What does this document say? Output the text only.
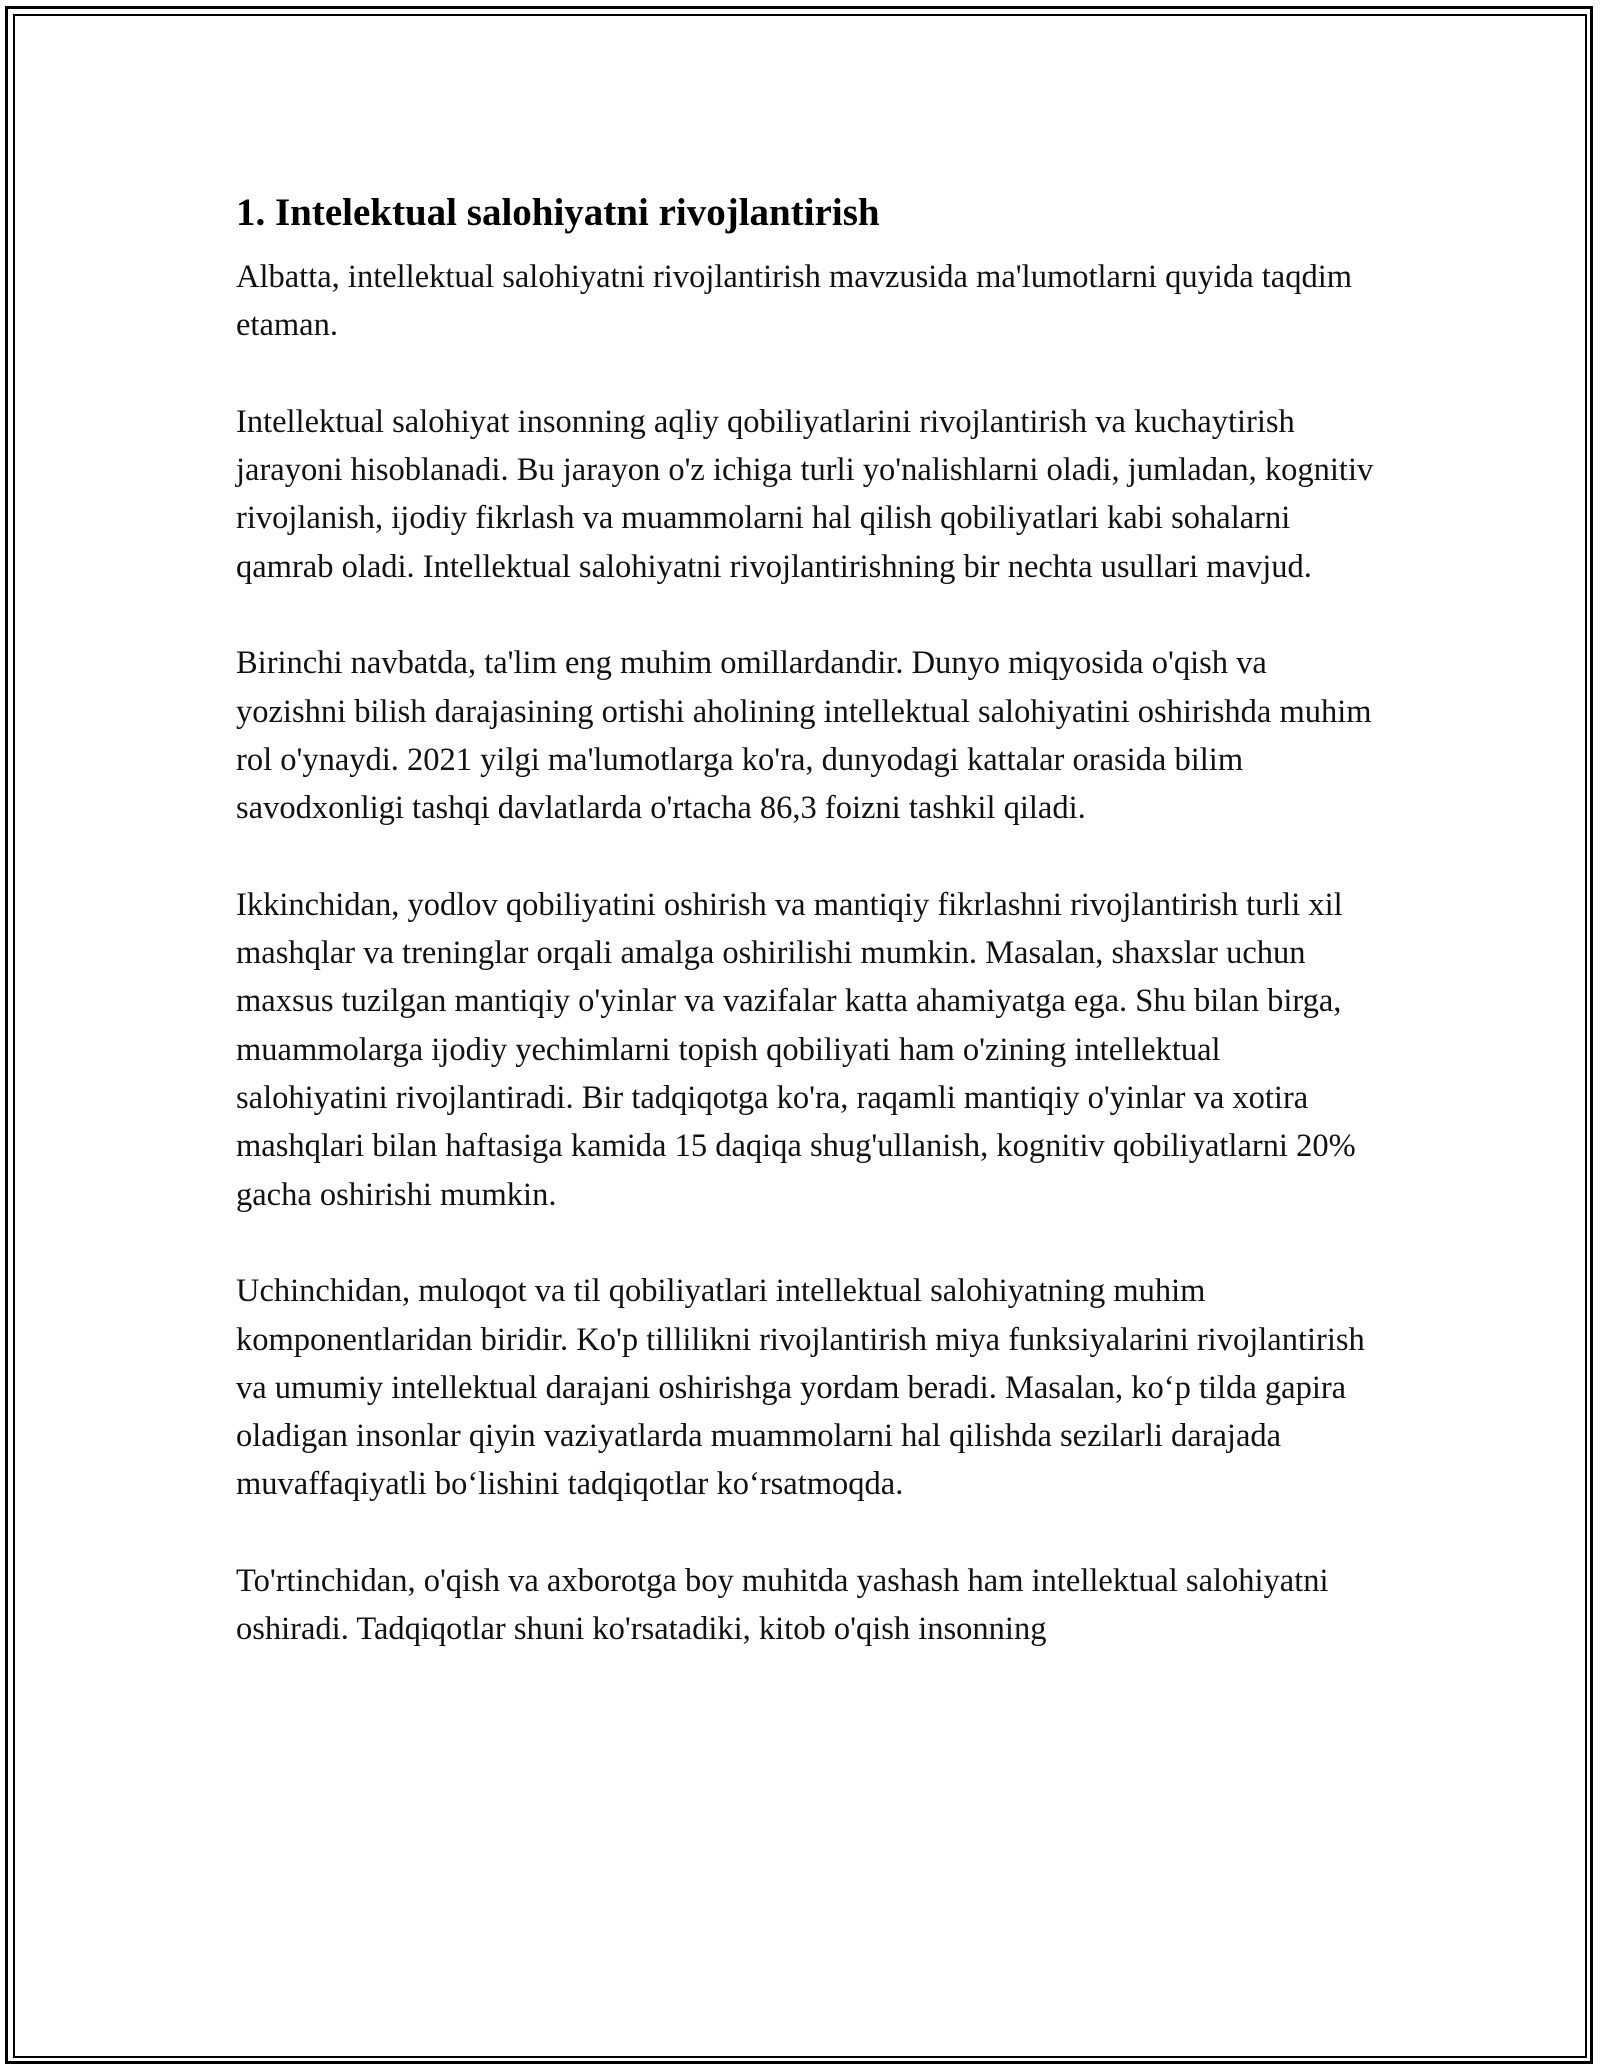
1. Intelektual salohiyatni rivojlantirish

Albatta, intellektual salohiyatni rivojlantirish mavzusida ma'lumotlarni quyida taqdim etaman.

Intellektual salohiyat insonning aqliy qobiliyatlarini rivojlantirish va kuchaytirish jarayoni hisoblanadi. Bu jarayon o'z ichiga turli yo'nalishlarni oladi, jumladan, kognitiv rivojlanish, ijodiy fikrlash va muammolarni hal qilish qobiliyatlari kabi sohalarni qamrab oladi. Intellektual salohiyatni rivojlantirishning bir nechta usullari mavjud.

Birinchi navbatda, ta'lim eng muhim omillardandir. Dunyo miqyosida o'qish va yozishni bilish darajasining ortishi aholining intellektual salohiyatini oshirishda muhim rol o'ynaydi. 2021 yilgi ma'lumotlarga ko'ra, dunyodagi kattalar orasida bilim savodxonligi tashqi davlatlarda o'rtacha 86,3 foizni tashkil qiladi.

Ikkinchidan, yodlov qobiliyatini oshirish va mantiqiy fikrlashni rivojlantirish turli xil mashqlar va treninglar orqali amalga oshirilishi mumkin. Masalan, shaxslar uchun maxsus tuzilgan mantiqiy o'yinlar va vazifalar katta ahamiyatga ega. Shu bilan birga, muammolarga ijodiy yechimlarni topish qobiliyati ham o'zining intellektual salohiyatini rivojlantiradi. Bir tadqiqotga ko'ra, raqamli mantiqiy o'yinlar va xotira mashqlari bilan haftasiga kamida 15 daqiqa shug'ullanish, kognitiv qobiliyatlarni 20% gacha oshirishi mumkin.

Uchinchidan, muloqot va til qobiliyatlari intellektual salohiyatning muhim komponentlaridan biridir. Ko'p tillilikni rivojlantirish miya funksiyalarini rivojlantirish va umumiy intellektual darajani oshirishga yordam beradi. Masalan, ko‘p tilda gapira oladigan insonlar qiyin vaziyatlarda muammolarni hal qilishda sezilarli darajada muvaffaqiyatli bo‘lishini tadqiqotlar ko‘rsatmoqda.

To'rtinchidan, o'qish va axborotga boy muhitda yashash ham intellektual salohiyatni oshiradi. Tadqiqotlar shuni ko'rsatadiki, kitob o'qish insonning
